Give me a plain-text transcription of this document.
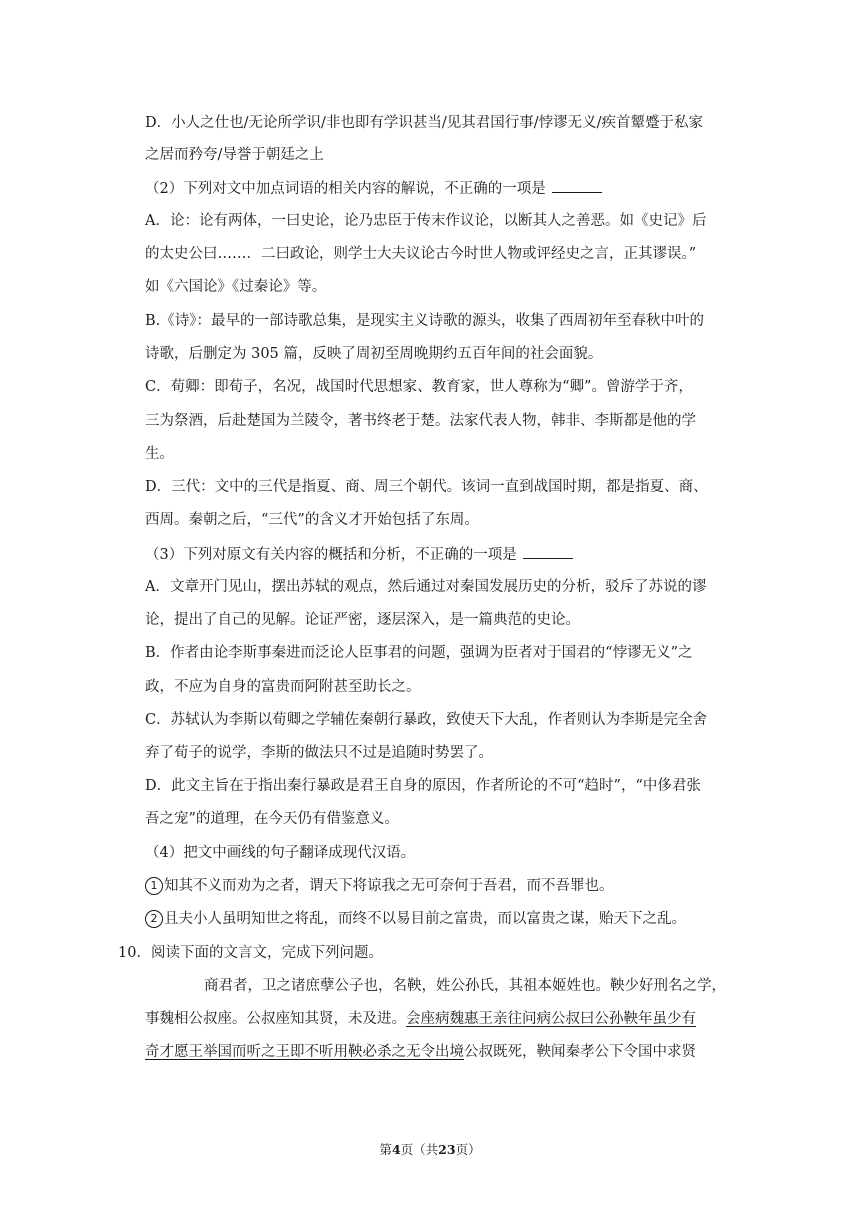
D．小人之仕也/无论所学识/非也即有学识甚当/见其君国行事/悖谬无义/疾首颦蹙于私家
之居而矜夸/导誉于朝廷之上
（2）下列对文中加点词语的相关内容的解说，不正确的一项是
A．论：论有两体，一曰史论，论乃忠臣于传末作议论，以断其人之善恶。如《史记》后
的太史公曰……．二曰政论，则学士大夫议论古今时世人物或评经史之言，正其谬误。”
如《六国论》《过秦论》等。
B.《诗》：最早的一部诗歌总集，是现实主义诗歌的源头，收集了西周初年至春秋中叶的
诗歌，后删定为 305 篇，反映了周初至周晚期约五百年间的社会面貌。
C．荀卿：即荀子，名况，战国时代思想家、教育家，世人尊称为“卿”。曾游学于齐，
三为祭酒，后赴楚国为兰陵令，著书终老于楚。法家代表人物，韩非、李斯都是他的学
生。
D．三代：文中的三代是指夏、商、周三个朝代。该词一直到战国时期，都是指夏、商、
西周。秦朝之后，“三代”的含义才开始包括了东周。
（3）下列对原文有关内容的概括和分析，不正确的一项是
A．文章开门见山，摆出苏轼的观点，然后通过对秦国发展历史的分析，驳斥了苏说的谬
论，提出了自己的见解。论证严密，逐层深入，是一篇典范的史论。
B．作者由论李斯事秦进而泛论人臣事君的问题，强调为臣者对于国君的“悖谬无义”之
政，不应为自身的富贵而阿附甚至助长之。
C．苏轼认为李斯以荀卿之学辅佐秦朝行暴政，致使天下大乱，作者则认为李斯是完全舍
弃了荀子的说学，李斯的做法只不过是追随时势罢了。
D．此文主旨在于指出秦行暴政是君王自身的原因，作者所论的不可“趋时”，“中侈君张
吾之宠”的道理，在今天仍有借鉴意义。
（4）把文中画线的句子翻译成现代汉语。
1 知其不义而劝为之者，谓天下将谅我之无可奈何于吾君，而不吾罪也。
2 且夫小人虽明知世之将乱，而终不以易目前之富贵，而以富贵之谋，贻天下之乱。
10．阅读下面的文言文，完成下列问题。
商君者，卫之诸庶孽公子也，名鞅，姓公孙氏，其祖本姬姓也。鞅少好刑名之学，
事魏相公叔座。公叔座知其贤，未及进。会座病魏惠王亲往问病公叔曰公孙鞅年虽少有
奇才愿王举国而听之王即不听用鞅必杀之无令出境公叔既死，鞅闻秦孝公下令国中求贤
第4页（共23页）
